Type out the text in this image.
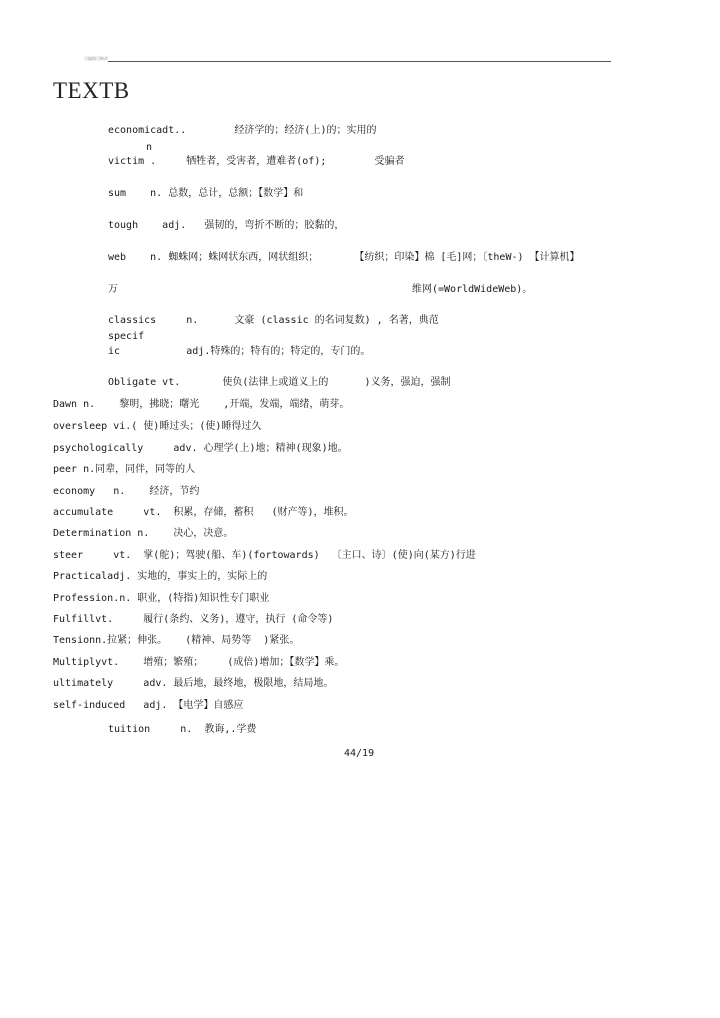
可编辑可修改
TEXTB
economicadt..        经济学的；经济(上)的；实用的
n
victim .     牺牲者，受害者，遭难者(of);        受骗者
sum    n. 总数，总计，总额；【数学】和
tough    adj.   强韧的，弯折不断的；胶黏的，
web    n. 蜘蛛网；蛛网状东西，网状组织；      【纺织；印染】棉 [毛]网；〔theW-) 【计算机】
万	维网(=WorldWideWeb)。
classics     n.      文豪 (classic 的名词复数) , 名著，典范
specif
ic           adj.特殊的；特有的；特定的，专门的。
Obligate vt.       使负(法律上或道义上的      )义务，强迫，强制
Dawn n.    黎明，拂晓；曙光    ,开端，发端，端绪，萌芽。
oversleep vi.( 使)睡过头；(使)睡得过久
psychologically     adv. 心理学(上)地；精神(现象)地。
peer n.同辈，同伴，同等的人
economy   n.    经济，节约
accumulate     vt.  积累，存储，蓄积   (财产等)，堆积。
Determination n.    决心，决意。
steer     vt.  掌(舵)；驾驶(船、车)(fortowards)  〔主口、诗〕(使)向(某方)行进
Practicaladj. 实地的，事实上的，实际上的
Profession.n. 职业，(特指)知识性专门职业
Fulfillvt.     履行(条约、义务)，遵守，执行 (命令等)
Tensionn.拉紧；伸张。   (精神、局势等  )紧张。
Multiplyvt.    增殖；繁殖；    (成倍)增加；【数学】乘。
ultimately     adv. 最后地，最终地，极限地，结局地。
self-induced   adj. 【电学】自感应
tuition     n.  教诲,.学费
44/19
